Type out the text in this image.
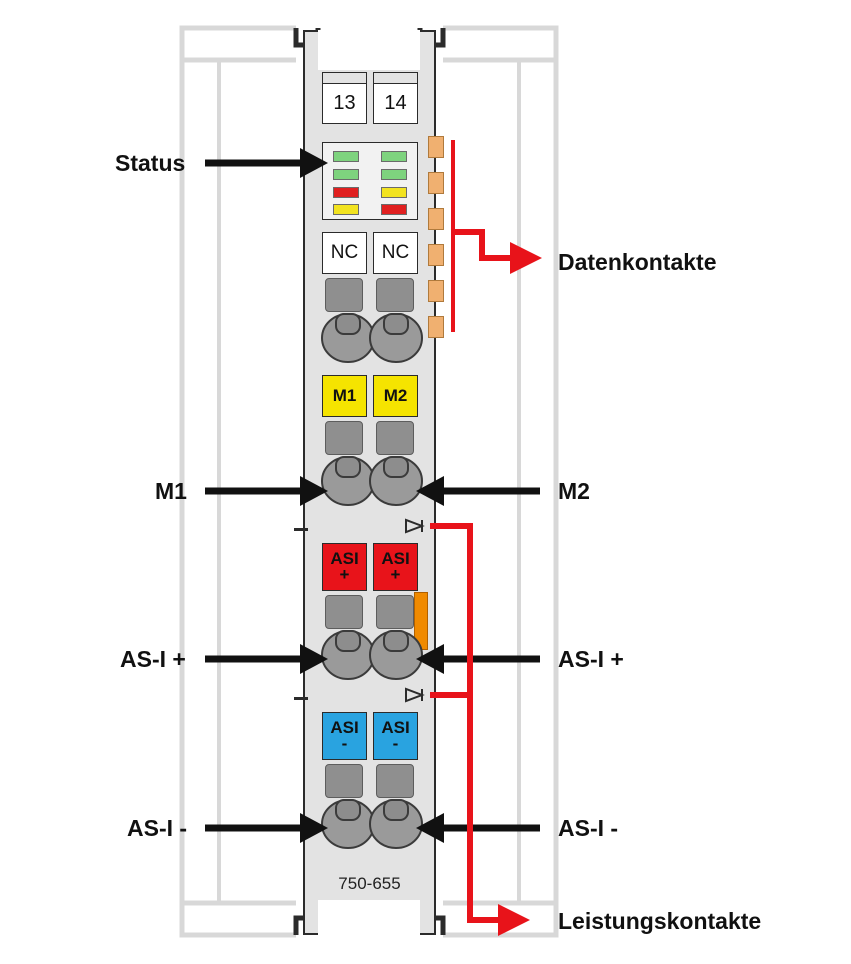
13 14
NC NC
M1 M2
ASI
+
ASI
+
ASI
-
ASI
-
750-655
Status
M1
AS-I +
AS-I -
Datenkontakte
M2
AS-I +
AS-I -
Leistungskontakte
